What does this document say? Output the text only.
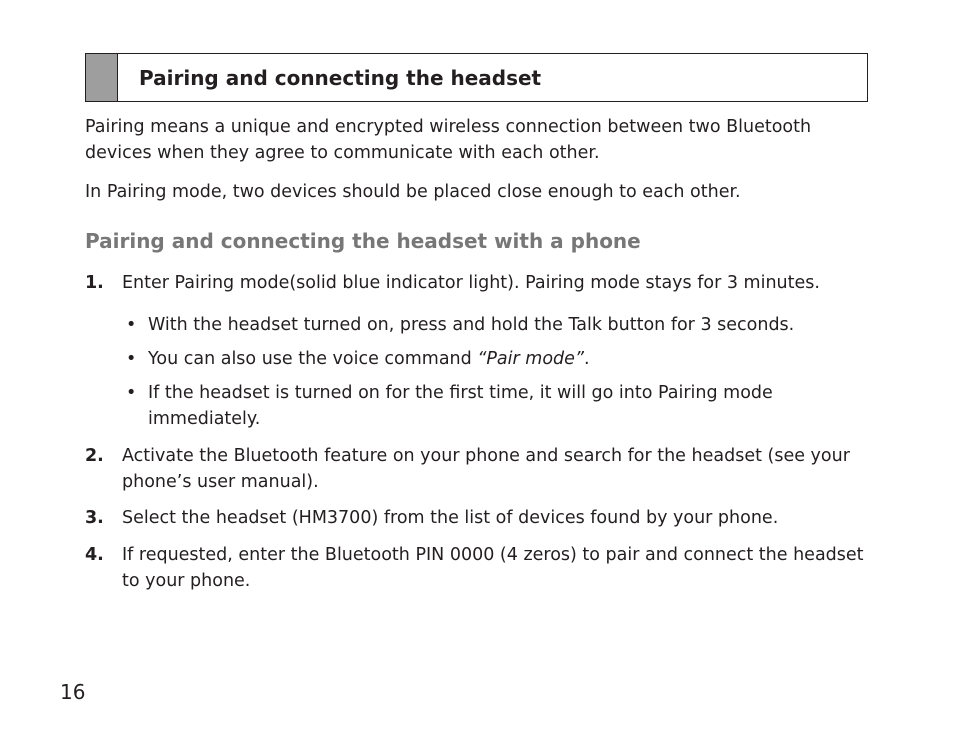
Pairing and connecting the headset

Pairing means a unique and encrypted wireless connection between two Bluetooth devices when they agree to communicate with each other.

In Pairing mode, two devices should be placed close enough to each other.

Pairing and connecting the headset with a phone
1. Enter Pairing mode(solid blue indicator light). Pairing mode stays for 3 minutes.
• With the headset turned on, press and hold the Talk button for 3 seconds.
• You can also use the voice command “Pair mode”.
• If the headset is turned on for the first time, it will go into Pairing mode immediately.
2. Activate the Bluetooth feature on your phone and search for the headset (see your phone’s user manual).
3. Select the headset (HM3700) from the list of devices found by your phone.
4. If requested, enter the Bluetooth PIN 0000 (4 zeros) to pair and connect the headset to your phone.
16
